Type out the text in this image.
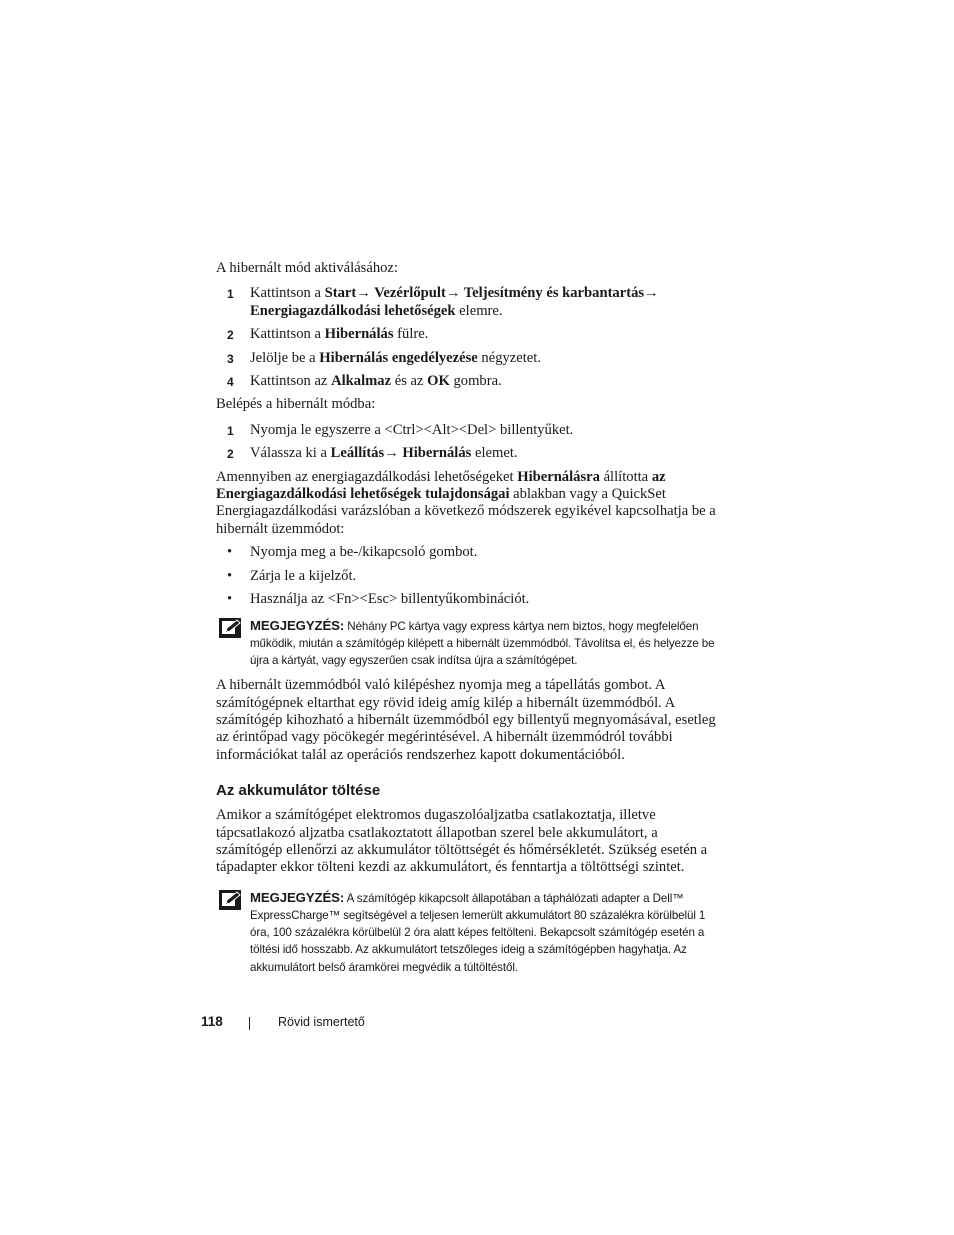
A hibernált mód aktiválásához:

1 Kattintson a Start→ Vezérlőpult→ Teljesítmény és karbantartás→
Energiagazdálkodási lehetőségek elemre.
2 Kattintson a Hibernálás fülre.
3 Jelölje be a Hibernálás engedélyezése négyzetet.
4 Kattintson az Alkalmaz és az OK gombra.

Belépés a hibernált módba:

1 Nyomja le egyszerre a <Ctrl><Alt><Del> billentyűket.
2 Válassza ki a Leállítás→ Hibernálás elemet.

Amennyiben az energiagazdálkodási lehetőségeket Hibernálásra állította az Energiagazdálkodási lehetőségek tulajdonságai ablakban vagy a QuickSet Energiagazdálkodási varázslóban a következő módszerek egyikével kapcsolhatja be a hibernált üzemmódot:

• Nyomja meg a be-/kikapcsoló gombot.
• Zárja le a kijelzőt.
• Használja az <Fn><Esc> billentyűkombinációt.
MEGJEGYZÉS: Néhány PC kártya vagy express kártya nem biztos, hogy megfelelően működik, miután a számítógép kilépett a hibernált üzemmódból. Távolítsa el, és helyezze be újra a kártyát, vagy egyszerűen csak indítsa újra a számítógépet.

A hibernált üzemmódból való kilépéshez nyomja meg a tápellátás gombot. A számítógépnek eltarthat egy rövid ideig amíg kilép a hibernált üzemmódból. A számítógép kihozható a hibernált üzemmódból egy billentyű megnyomásával, esetleg az érintőpad vagy pöcökegér megérintésével. A hibernált üzemmódról további információkat talál az operációs rendszerhez kapott dokumentációból.

Az akkumulátor töltése

Amikor a számítógépet elektromos dugaszolóaljzatba csatlakoztatja, illetve tápcsatlakozó aljzatba csatlakoztatott állapotban szerel bele akkumulátort, a számítógép ellenőrzi az akkumulátor töltöttségét és hőmérsékletét. Szükség esetén a tápadapter ekkor tölteni kezdi az akkumulátort, és fenntartja a töltöttségi szintet.

MEGJEGYZÉS: A számítógép kikapcsolt állapotában a táphálózati adapter a Dell™ ExpressCharge™ segítségével a teljesen lemerült akkumulátort 80 százalékra körülbelül 1 óra, 100 százalékra körülbelül 2 óra alatt képes feltölteni. Bekapcsolt számítógép esetén a töltési idő hosszabb. Az akkumulátort tetszőleges ideig a számítógépben hagyhatja. Az akkumulátort belső áramkörei megvédik a túltöltéstől.
118	Rövid ismertető
